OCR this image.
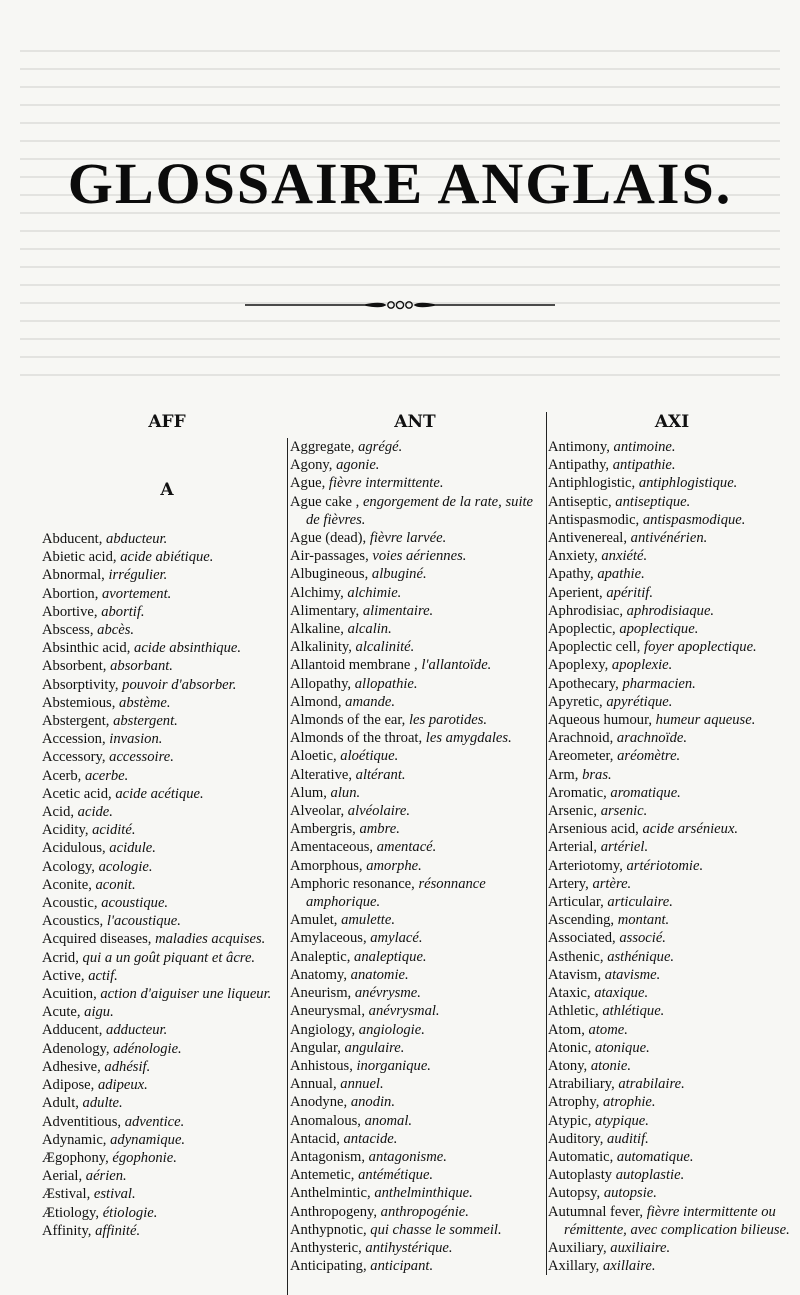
GLOSSAIRE ANGLAIS.
AFF
A
Abducent, abducteur.
Abietic acid, acide abiétique.
Abnormal, irrégulier.
Abortion, avortement.
Abortive, abortif.
Abscess, abcès.
Absinthic acid, acide absinthique.
Absorbent, absorbant.
Absorptivity, pouvoir d'absorber.
Abstemious, abstème.
Abstergent, abstergent.
Accession, invasion.
Accessory, accessoire.
Acerb, acerbe.
Acetic acid, acide acétique.
Acid, acide.
Acidity, acidité.
Acidulous, acidule.
Acology, acologie.
Aconite, aconit.
Acoustic, acoustique.
Acoustics, l'acoustique.
Acquired diseases, maladies acquises.
Acrid, qui a un goût piquant et âcre.
Active, actif.
Acuition, action d'aiguiser une liqueur.
Acute, aigu.
Adducent, adducteur.
Adenology, adénologie.
Adhesive, adhésif.
Adipose, adipeux.
Adult, adulte.
Adventitious, adventice.
Adynamic, adynamique.
Ægophony, égophonie.
Aerial, aérien.
Æstival, estival.
Ætiology, étiologie.
Affinity, affinité.
ANT
Aggregate, agrégé.
Agony, agonie.
Ague, fièvre intermittente.
Ague cake , engorgement de la rate, suite de fièvres.
Ague (dead), fièvre larvée.
Air-passages, voies aériennes.
Albugineous, albuginé.
Alchimy, alchimie.
Alimentary, alimentaire.
Alkaline, alcalin.
Alkalinity, alcalinité.
Allantoid membrane , l'allantoïde.
Allopathy, allopathie.
Almond, amande.
Almonds of the ear, les parotides.
Almonds of the throat, les amygdales.
Aloetic, aloétique.
Alterative, altérant.
Alum, alun.
Alveolar, alvéolaire.
Ambergris, ambre.
Amentaceous, amentacé.
Amorphous, amorphe.
Amphoric resonance, résonnance amphorique.
Amulet, amulette.
Amylaceous, amylacé.
Analeptic, analeptique.
Anatomy, anatomie.
Aneurism, anévrysme.
Aneurysmal, anévrysmal.
Angiology, angiologie.
Angular, angulaire.
Anhistous, inorganique.
Annual, annuel.
Anodyne, anodin.
Anomalous, anomal.
Antacid, antacide.
Antagonism, antagonisme.
Antemetic, antémétique.
Anthelmintic, anthelminthique.
Anthropogeny, anthropogénie.
Anthypnotic, qui chasse le sommeil.
Anthysteric, antihystérique.
Anticipating, anticipant.
AXI
Antimony, antimoine.
Antipathy, antipathie.
Antiphlogistic, antiphlogistique.
Antiseptic, antiseptique.
Antispasmodic, antispasmodique.
Antivenereal, antivénérien.
Anxiety, anxiété.
Apathy, apathie.
Aperient, apéritif.
Aphrodisiac, aphrodisiaque.
Apoplectic, apoplectique.
Apoplectic cell, foyer apoplectique.
Apoplexy, apoplexie.
Apothecary, pharmacien.
Apyretic, apyrétique.
Aqueous humour, humeur aqueuse.
Arachnoid, arachnoïde.
Areometer, aréomètre.
Arm, bras.
Aromatic, aromatique.
Arsenic, arsenic.
Arsenious acid, acide arsénieux.
Arterial, artériel.
Arteriotomy, artériotomie.
Artery, artère.
Articular, articulaire.
Ascending, montant.
Associated, associé.
Asthenic, asthénique.
Atavism, atavisme.
Ataxic, ataxique.
Athletic, athlétique.
Atom, atome.
Atonic, atonique.
Atony, atonie.
Atrabiliary, atrabilaire.
Atrophy, atrophie.
Atypic, atypique.
Auditory, auditif.
Automatic, automatique.
Autoplasty autoplastie.
Autopsy, autopsie.
Autumnal fever, fièvre intermittente ou rémittente, avec complication bilieuse.
Auxiliary, auxiliaire.
Axillary, axillaire.
